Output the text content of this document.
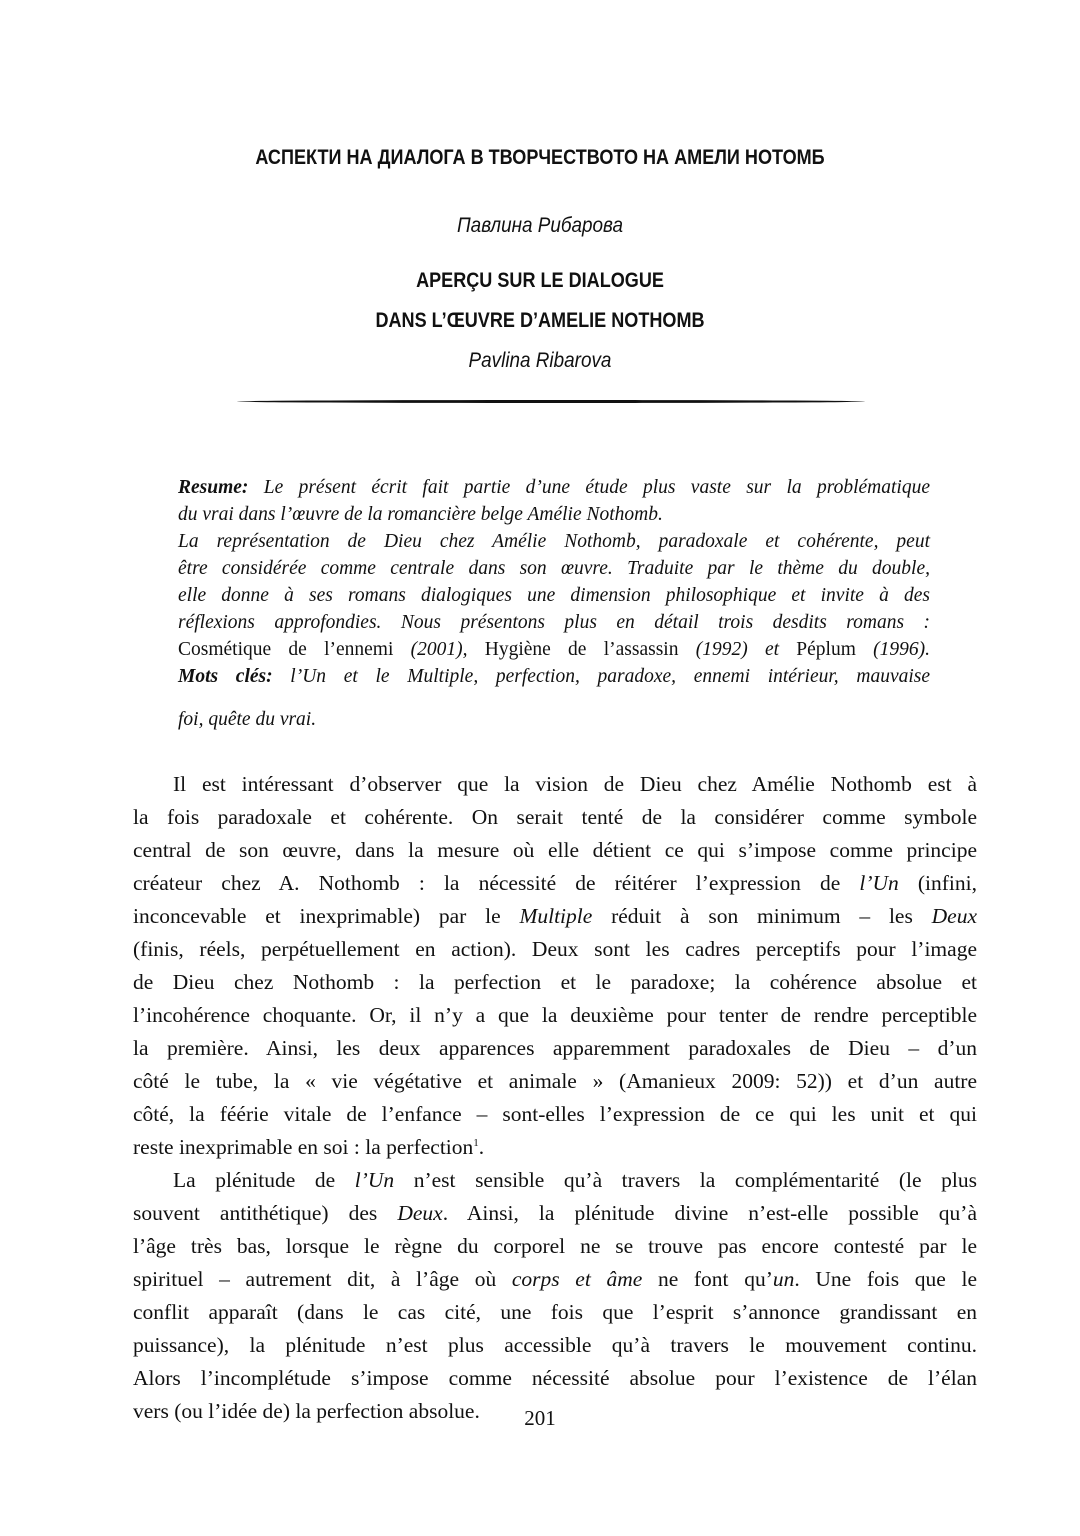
АСПЕКТИ НА ДИАЛОГА В ТВОРЧЕСТВОТО НА АМЕЛИ НОТОМБ
Павлина Рибарова
APERÇU SUR LE DIALOGUE
DANS L’ŒUVRE D’AMELIE NOTHOMB
Pavlina Ribarova
Resume: Le présent écrit fait partie d’une étude plus vaste sur la problématique
du vrai dans l’œuvre de la romancière belge Amélie Nothomb.
La représentation de Dieu chez Amélie Nothomb, paradoxale et cohérente, peut
être considérée comme centrale dans son œuvre. Traduite par le thème du double,
elle donne à ses romans dialogiques une dimension philosophique et invite à des
réflexions approfondies. Nous présentons plus en détail trois desdits romans :
Cosmétique de l’ennemi (2001), Hygiène de l’assassin (1992) et Péplum (1996).
Mots clés: l’Un et le Multiple, perfection, paradoxe, ennemi intérieur, mauvaise
foi, quête du vrai.
Il est intéressant d’observer que la vision de Dieu chez Amélie Nothomb est à
la fois paradoxale et cohérente. On serait tenté de la considérer comme symbole
central de son œuvre, dans la mesure où elle détient ce qui s’impose comme principe
créateur chez A. Nothomb : la nécessité de réitérer l’expression de l’Un (infini,
inconcevable et inexprimable) par le Multiple réduit à son minimum – les Deux
(finis, réels, perpétuellement en action). Deux sont les cadres perceptifs pour l’image
de Dieu chez Nothomb : la perfection et le paradoxe; la cohérence absolue et
l’incohérence choquante. Or, il n’y a que la deuxième pour tenter de rendre perceptible
la première. Ainsi, les deux apparences apparemment paradoxales de Dieu – d’un
côté le tube, la « vie végétative et animale » (Amanieux 2009: 52)) et d’un autre
côté, la féérie vitale de l’enfance – sont-elles l’expression de ce qui les unit et qui
reste inexprimable en soi : la perfection$^1$.
La plénitude de l’Un n’est sensible qu’à travers la complémentarité (le plus
souvent antithétique) des Deux. Ainsi, la plénitude divine n’est-elle possible qu’à
l’âge très bas, lorsque le règne du corporel ne se trouve pas encore contesté par le
spirituel – autrement dit, à l’âge où corps et âme ne font qu’un. Une fois que le
conflit apparaît (dans le cas cité, une fois que l’esprit s’annonce grandissant en
puissance), la plénitude n’est plus accessible qu’à travers le mouvement continu.
Alors l’incomplétude s’impose comme nécessité absolue pour l’existence de l’élan
vers (ou l’idée de) la perfection absolue.	201
